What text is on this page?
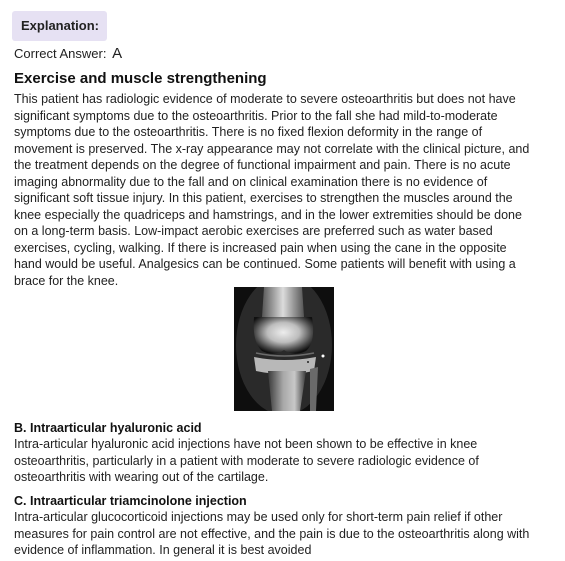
Explanation:
Correct Answer: A
Exercise and muscle strengthening
This patient has radiologic evidence of moderate to severe osteoarthritis but does not have
significant symptoms due to the osteoarthritis. Prior to the fall she had mild-to-moderate
symptoms due to the osteoarthritis. There is no fixed flexion deformity in the range of
movement is preserved. The x-ray appearance may not correlate with the clinical picture, and
the treatment depends on the degree of functional impairment and pain. There is no acute
imaging abnormality due to the fall and on clinical examination there is no evidence of
significant soft tissue injury. In this patient, exercises to strengthen the muscles around the
knee especially the quadriceps and hamstrings, and in the lower extremities should be done
on a long-term basis. Low-impact aerobic exercises are preferred such as water based
exercises, cycling, walking. If there is increased pain when using the cane in the opposite
hand would be useful. Analgesics can be continued. Some patients will benefit with using a
brace for the knee.
B. Intraarticular hyaluronic acid
Intra-articular hyaluronic acid injections have not been shown to be effective in knee
osteoarthritis, particularly in a patient with moderate to severe radiologic evidence of
osteoarthritis with wearing out of the cartilage.
C. Intraarticular triamcinolone injection
Intra-articular glucocorticoid injections may be used only for short-term pain relief if other
measures for pain control are not effective, and the pain is due to the osteoarthritis along with
evidence of inflammation. In general it is best avoided
